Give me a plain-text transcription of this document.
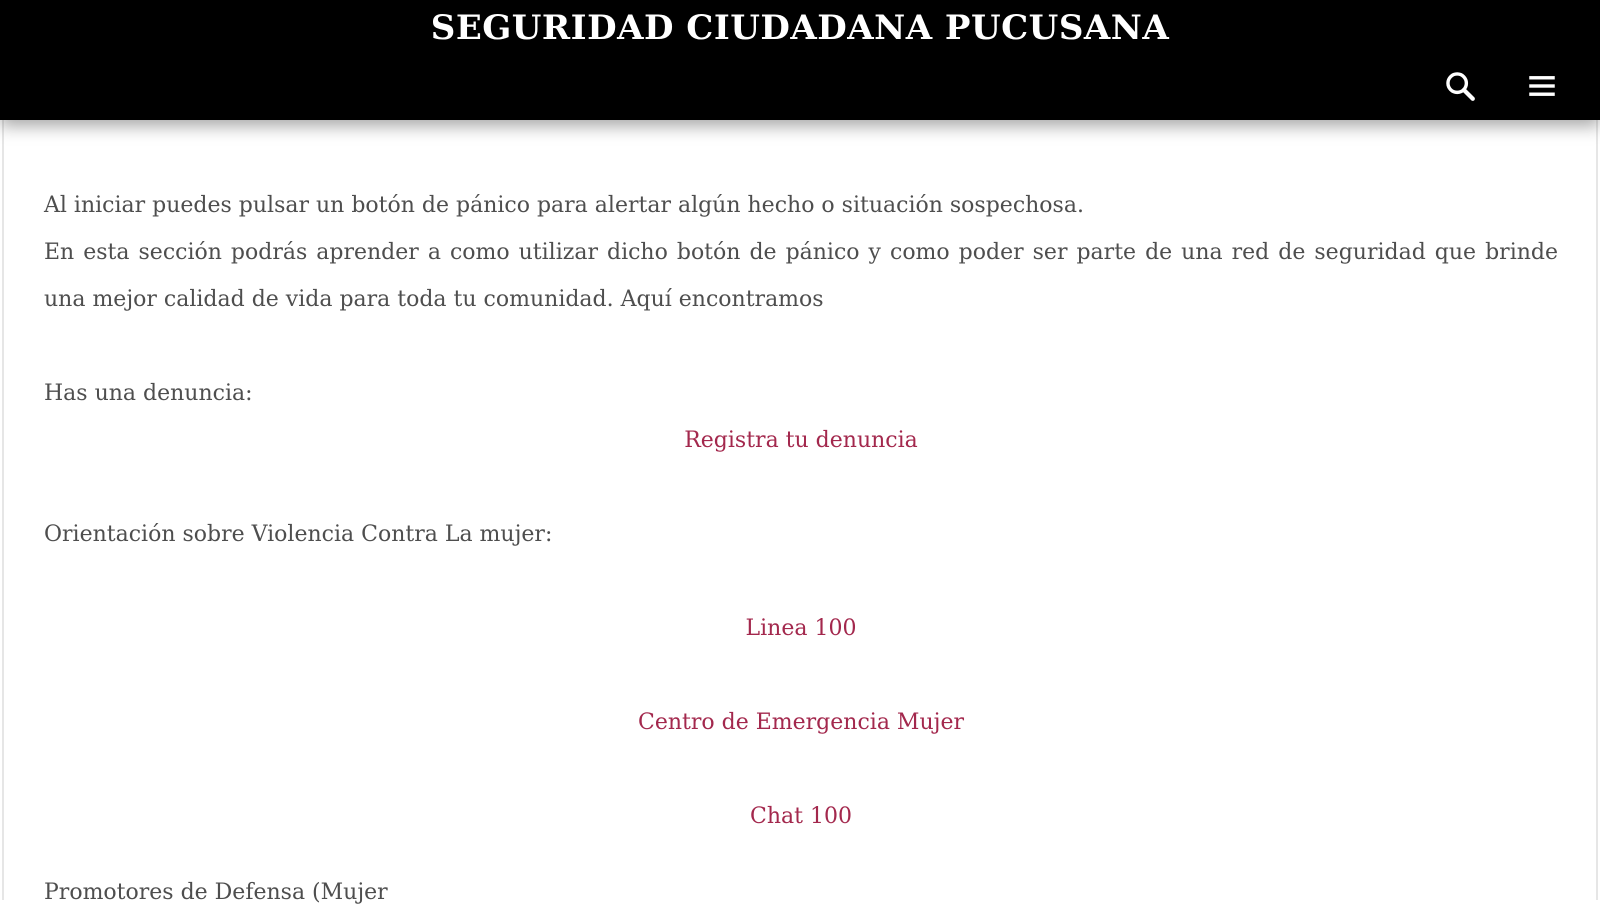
SEGURIDAD CIUDADANA PUCUSANA

Al iniciar puedes pulsar un botón de pánico para alertar algún hecho o situación sospechosa.

En esta sección podrás aprender a como utilizar dicho botón de pánico y como poder ser parte de una red de seguridad que brinde una mejor calidad de vida para toda tu comunidad. Aquí encontramos

Has una denuncia:

Registra tu denuncia

Orientación sobre Violencia Contra La mujer:

Linea 100

Centro de Emergencia Mujer

Chat 100

Promotores de Defensa (Mujer
